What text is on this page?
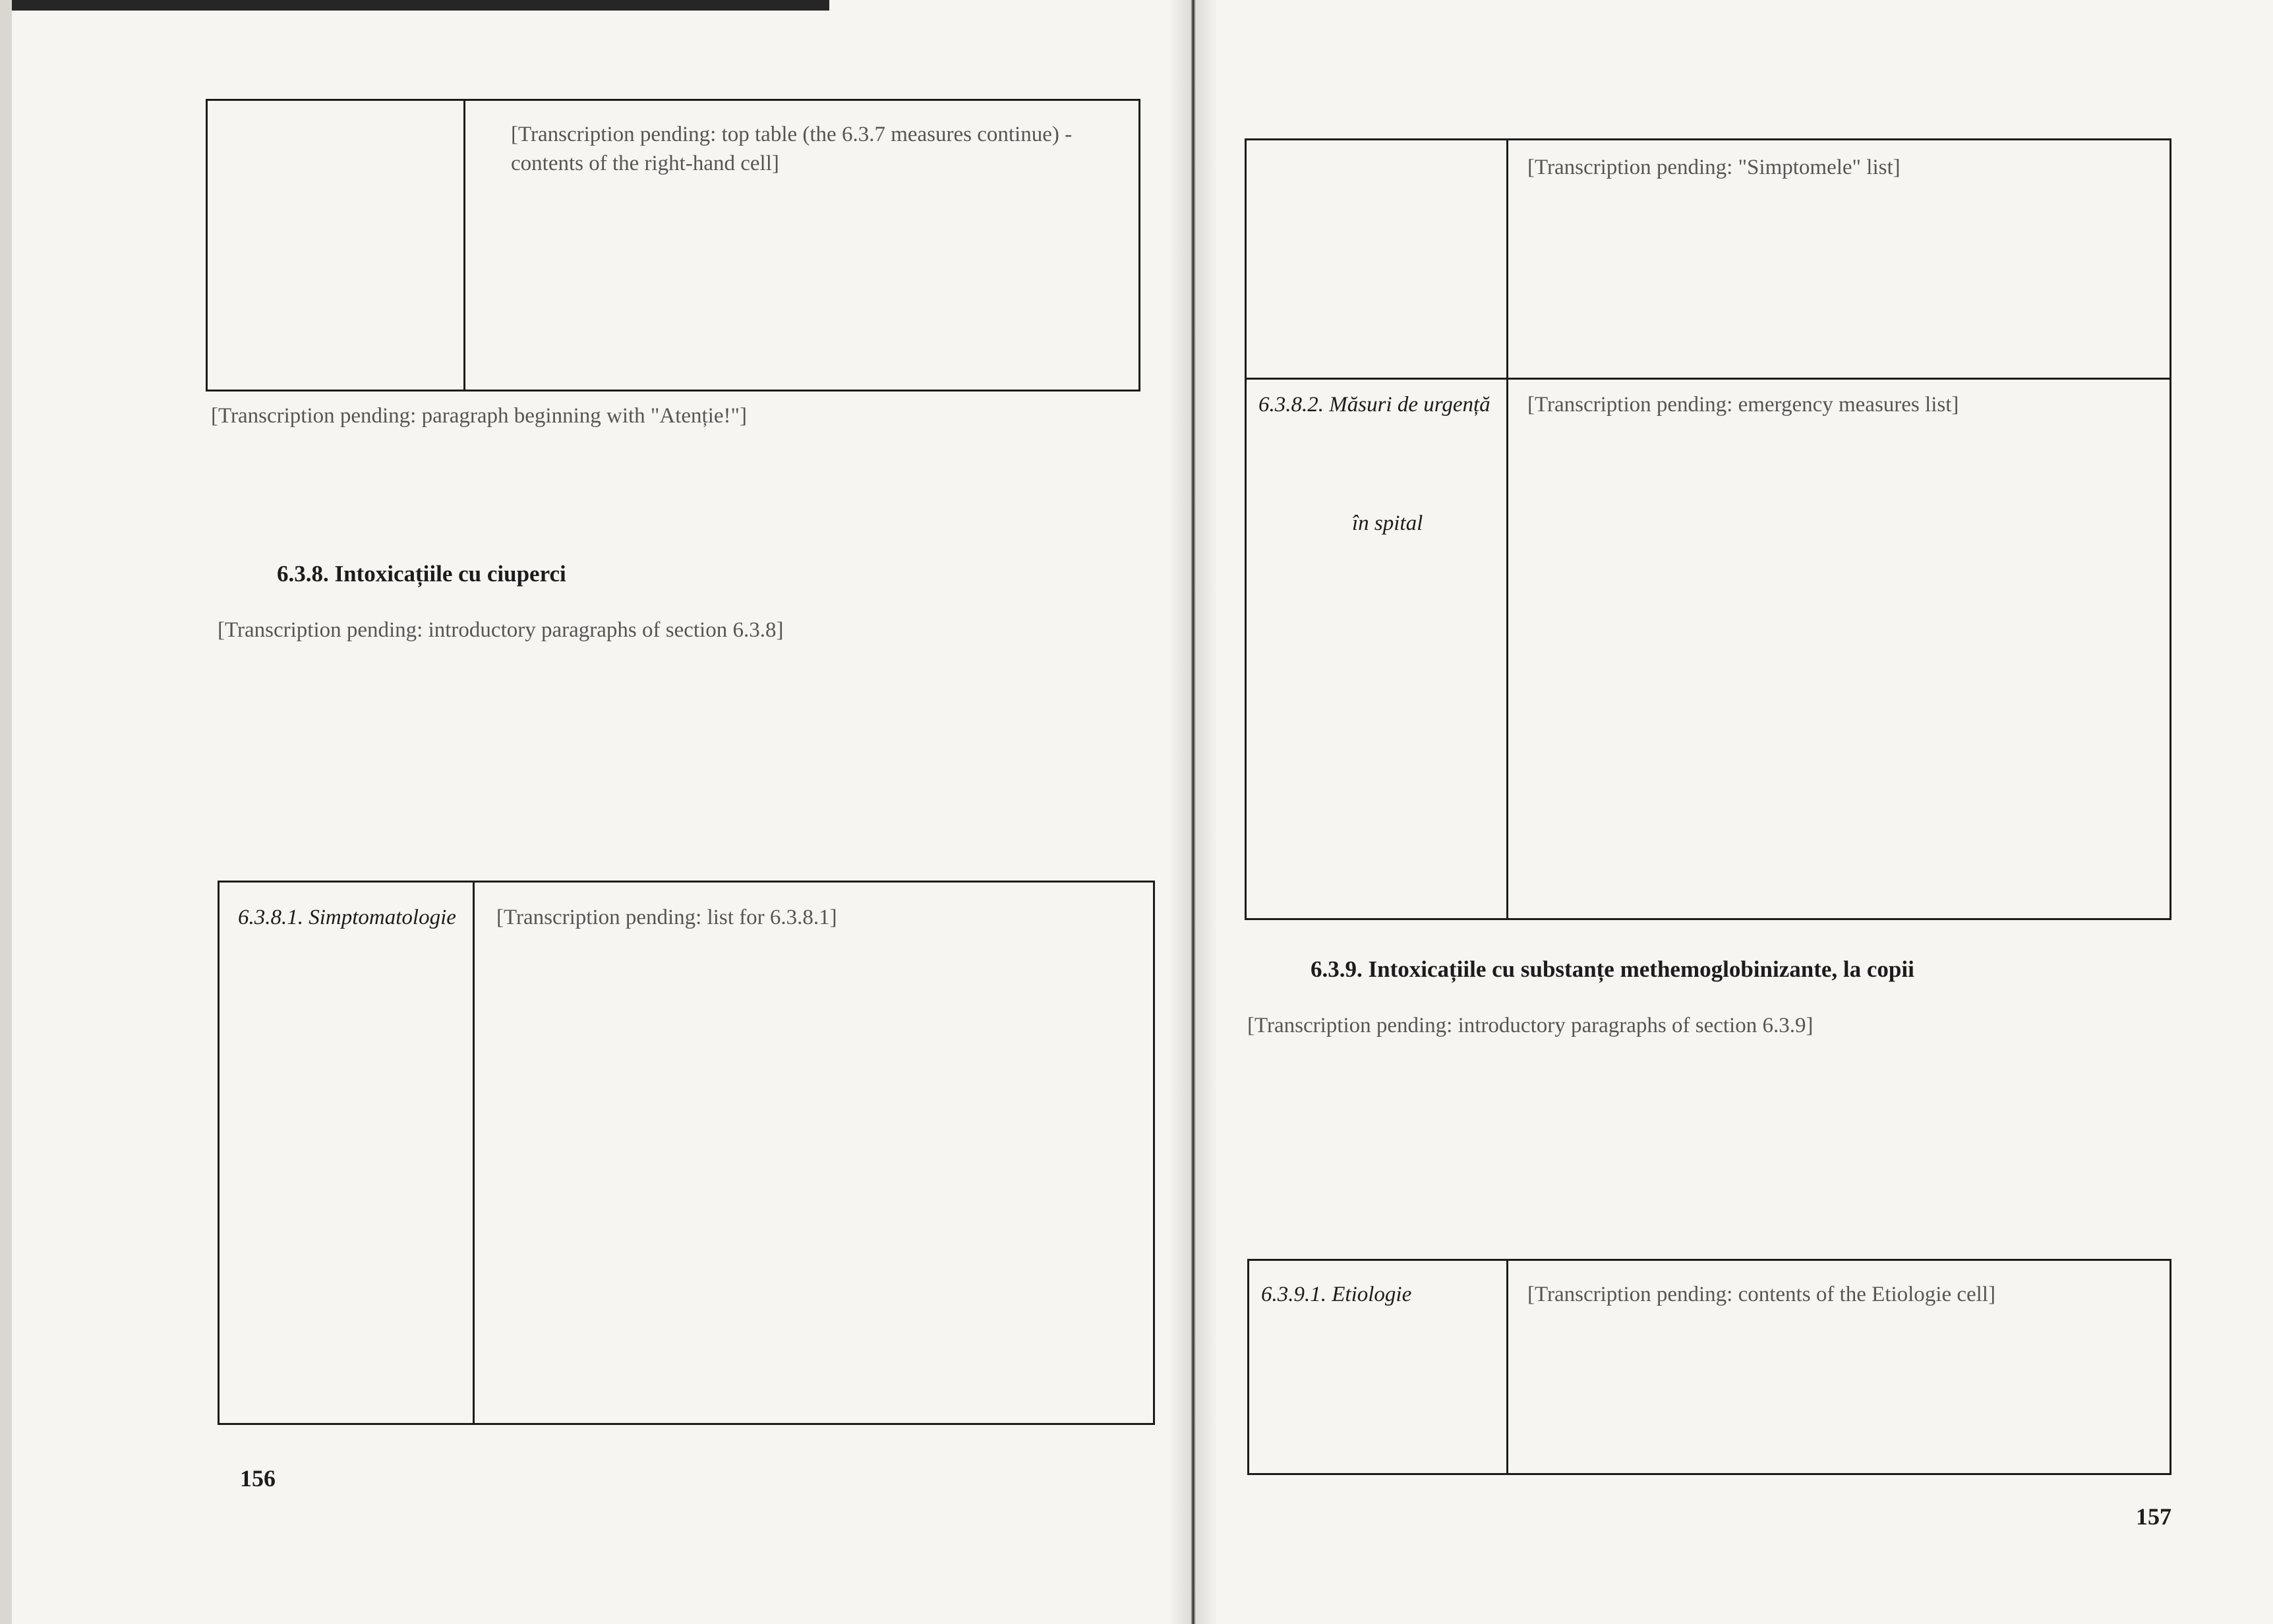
[Transcription pending: top table (the 6.3.7 measures continue) - contents of the right-hand cell]
[Transcription pending: paragraph beginning with "Atenție!"]
6.3.8. Intoxicațiile cu ciuperci
[Transcription pending: introductory paragraphs of section 6.3.8]
6.3.8.1. Simptomatologie [Transcription pending: list for 6.3.8.1]
156
[Transcription pending: "Simptomele" list]
6.3.8.2. Măsuri de urgență
în spital
[Transcription pending: emergency measures list]
6.3.9. Intoxicațiile cu substanțe methemoglobinizante, la copii
[Transcription pending: introductory paragraphs of section 6.3.9]
6.3.9.1. Etiologie	[Transcription pending: contents of the Etiologie cell]
157
